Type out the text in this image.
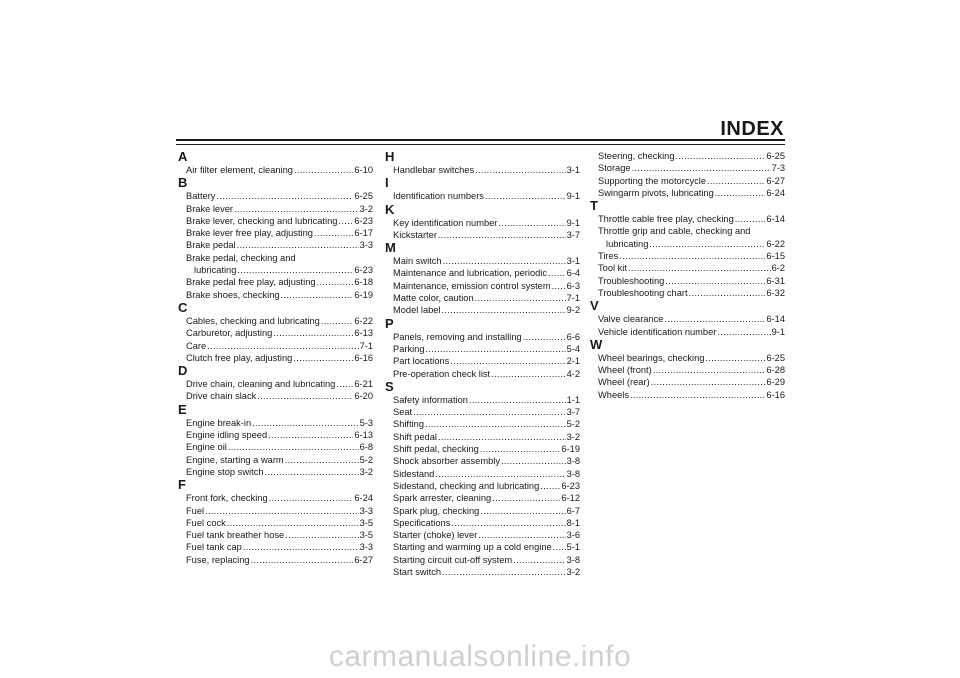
INDEX
A
Air filter element, cleaning .....	6-10
B
Battery .....	6-25
Brake lever .....	3-2
Brake lever, checking and lubricating ..... 6-23
Brake lever free play, adjusting .....	6-17
Brake pedal .....	3-3
Brake pedal, checking and
lubricating .....	6-23
Brake pedal free play, adjusting .....	6-18
Brake shoes, checking .....	6-19
C
Cables, checking and lubricating .....	6-22
Carburetor, adjusting .....	6-13
Care .....	7-1
Clutch free play, adjusting .....	6-16
D
Drive chain, cleaning and lubricating ..... 6-21
Drive chain slack .....	6-20
E
Engine break-in .....	5-3
Engine idling speed .....	6-13
Engine oil .....	6-8
Engine, starting a warm .....	5-2
Engine stop switch .....	3-2
F
Front fork, checking .....	6-24
Fuel .....	3-3
Fuel cock .....	3-5
Fuel tank breather hose .....	3-5
Fuel tank cap .....	3-3
Fuse, replacing .....	6-27
H
Handlebar switches .....	3-1
I
Identification numbers .....	9-1
K
Key identification number .....	9-1
Kickstarter .....	3-7
M
Main switch .....	3-1
Maintenance and lubrication, periodic ..... 6-4
Maintenance, emission control system ..... 6-3
Matte color, caution .....	7-1
Model label .....	9-2
P
Panels, removing and installing .....	6-6
Parking .....	5-4
Part locations .....	2-1
Pre-operation check list .....	4-2
S
Safety information .....	1-1
Seat .....	3-7
Shifting .....	5-2
Shift pedal .....	3-2
Shift pedal, checking .....	6-19
Shock absorber assembly .....	3-8
Sidestand .....	3-8
Sidestand, checking and lubricating ..... 6-23
Spark arrester, cleaning .....	6-12
Spark plug, checking .....	6-7
Specifications .....	8-1
Starter (choke) lever .....	3-6
Starting and warming up a cold engine ..... 5-1
Starting circuit cut-off system .....	3-8
Start switch .....	3-2
Steering, checking .....	6-25
Storage .....	7-3
Supporting the motorcycle .....	6-27
Swingarm pivots, lubricating .....	6-24
T
Throttle cable free play, checking .....	6-14
Throttle grip and cable, checking and
lubricating .....	6-22
Tires .....	6-15
Tool kit .....	6-2
Troubleshooting .....	6-31
Troubleshooting chart .....	6-32
V
Valve clearance .....	6-14
Vehicle identification number .....	9-1
W
Wheel bearings, checking .....	6-25
Wheel (front) .....	6-28
Wheel (rear) .....	6-29
Wheels .....	6-16
carmanualsonline.info
